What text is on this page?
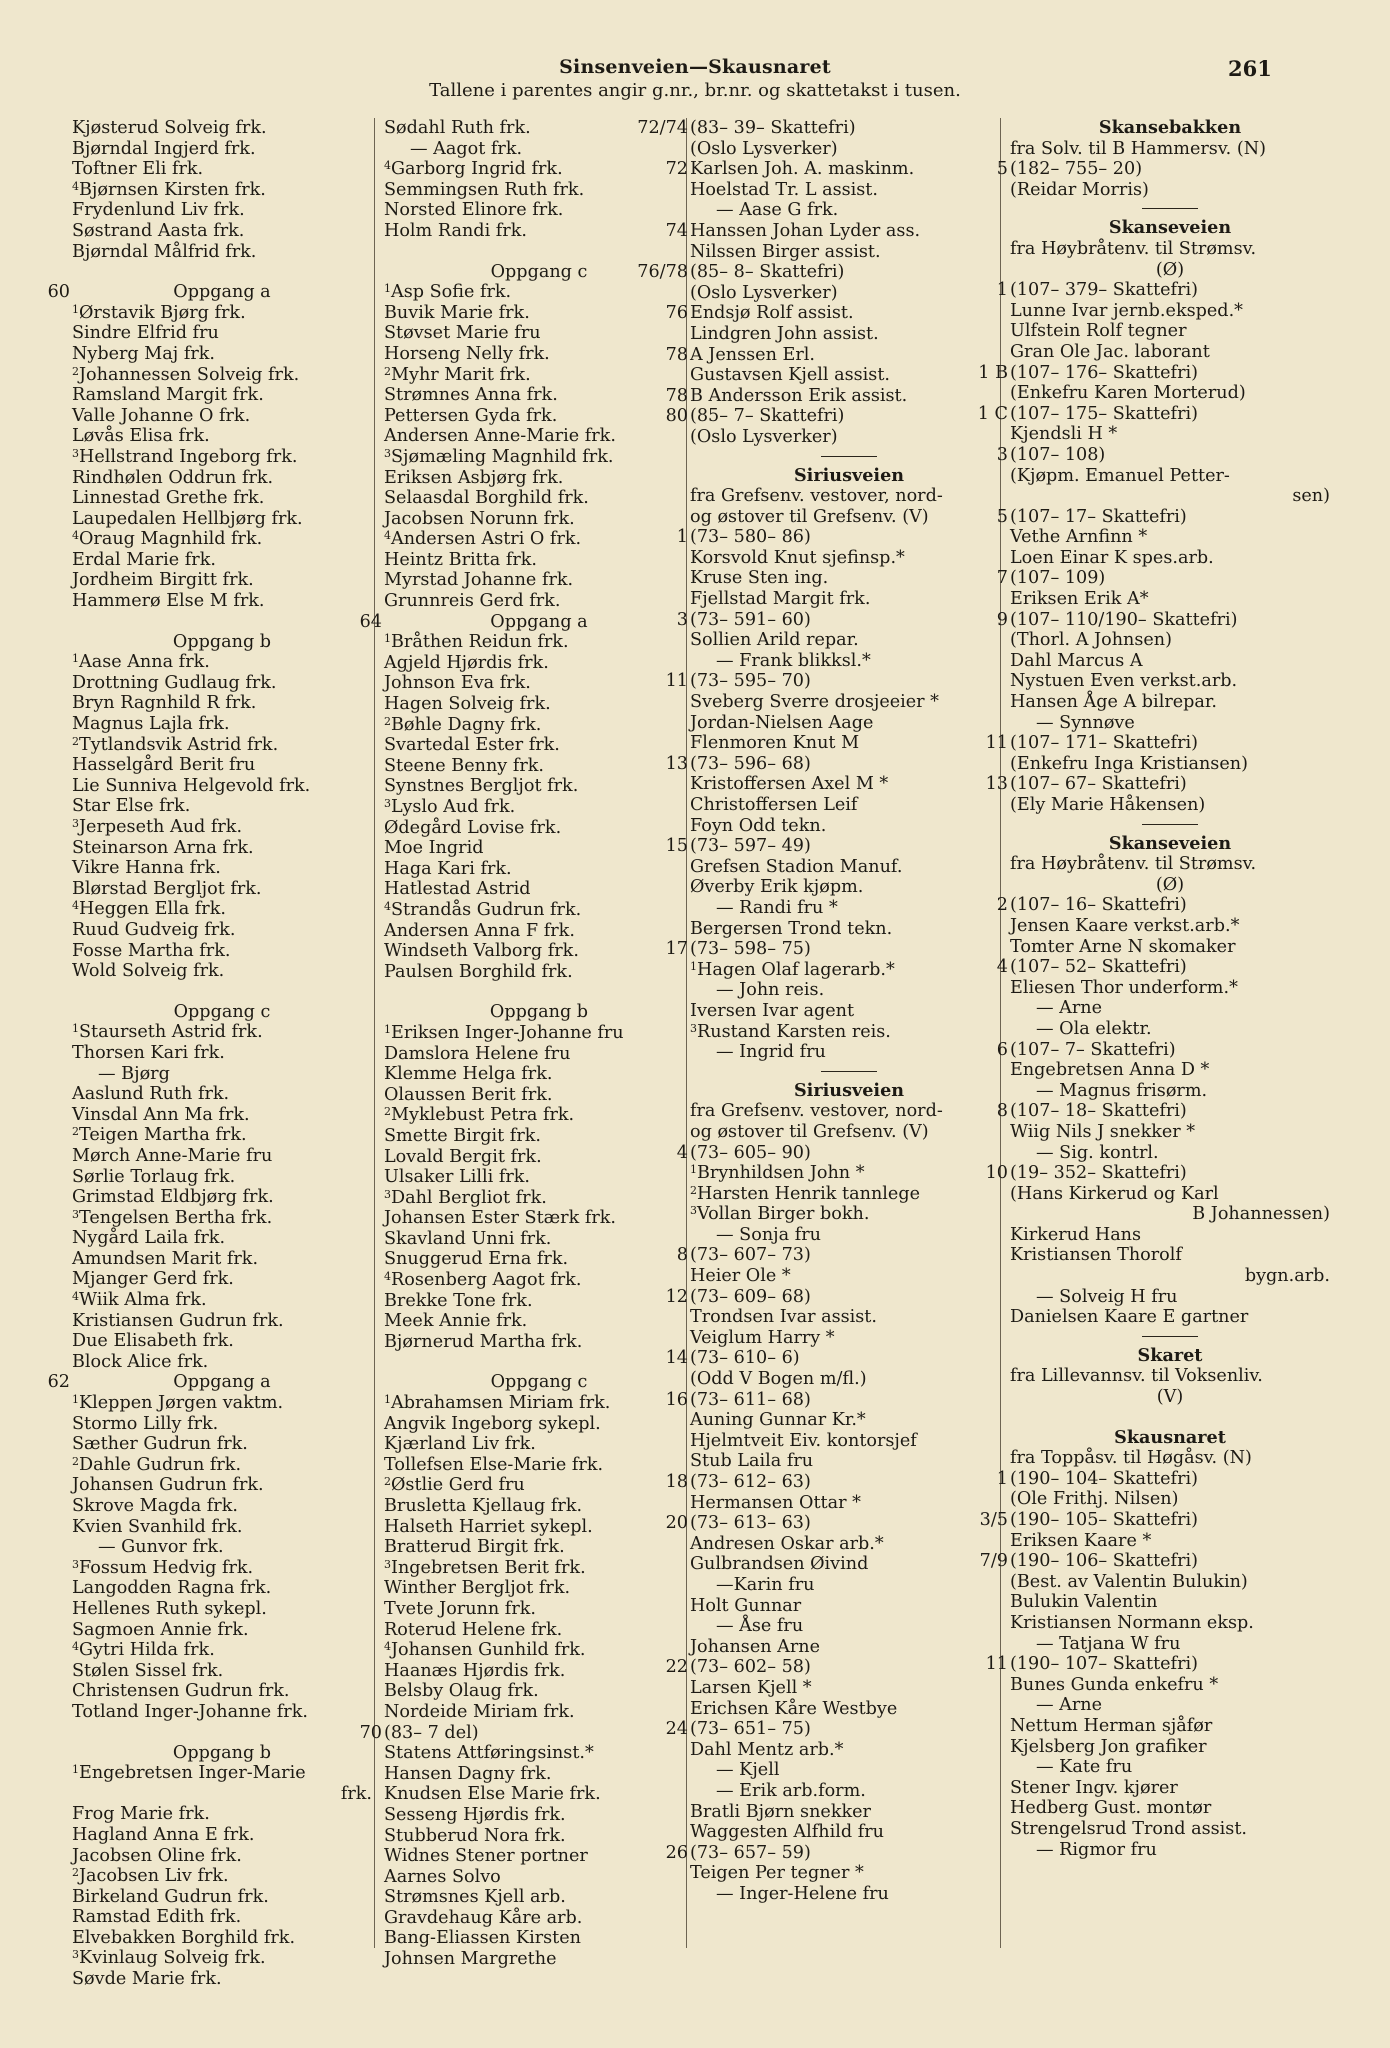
Sinsenveien—Skausnaret
Tallene i parentes angir g.nr., br.nr. og skattetakst i tusen.
261
Kjøsterud Solveig frk.
Bjørndal Ingjerd frk.
Toftner Eli frk.
$^4$Bjørnsen Kirsten frk.
Frydenlund Liv frk.
Søstrand Aasta frk.
Bjørndal Målfrid frk.
60	Oppgang a
$^1$Ørstavik Bjørg frk.
Sindre Elfrid fru
Nyberg Maj frk.
$^2$Johannessen Solveig frk.
Ramsland Margit frk.
Valle Johanne O frk.
Løvås Elisa frk.
$^3$Hellstrand Ingeborg frk.
Rindhølen Oddrun frk.
Linnestad Grethe frk.
Laupedalen Hellbjørg frk.
$^4$Oraug Magnhild frk.
Erdal Marie frk.
Jordheim Birgitt frk.
Hammerø Else M frk.
Oppgang b
$^1$Aase Anna frk.
Drottning Gudlaug frk.
Bryn Ragnhild R frk.
Magnus Lajla frk.
$^2$Tytlandsvik Astrid frk.
Hasselgård Berit fru
Lie Sunniva Helgevold frk.
Star Else frk.
$^3$Jerpeseth Aud frk.
Steinarson Arna frk.
Vikre Hanna frk.
Blørstad Bergljot frk.
$^4$Heggen Ella frk.
Ruud Gudveig frk.
Fosse Martha frk.
Wold Solveig frk.
Oppgang c
$^1$Staurseth Astrid frk.
Thorsen Kari frk.
— Bjørg
Aaslund Ruth frk.
Vinsdal Ann Ma frk.
$^2$Teigen Martha frk.
Mørch Anne-Marie fru
Sørlie Torlaug frk.
Grimstad Eldbjørg frk.
$^3$Tengelsen Bertha frk.
Nygård Laila frk.
Amundsen Marit frk.
Mjanger Gerd frk.
$^4$Wiik Alma frk.
Kristiansen Gudrun frk.
Due Elisabeth frk.
Block Alice frk.
62	Oppgang a
$^1$Kleppen Jørgen vaktm.
Stormo Lilly frk.
Sæther Gudrun frk.
$^2$Dahle Gudrun frk.
Johansen Gudrun frk.
Skrove Magda frk.
Kvien Svanhild frk.
— Gunvor frk.
$^3$Fossum Hedvig frk.
Langodden Ragna frk.
Hellenes Ruth sykepl.
Sagmoen Annie frk.
$^4$Gytri Hilda frk.
Stølen Sissel frk.
Christensen Gudrun frk.
Totland Inger-Johanne frk.
Oppgang b
$^1$Engebretsen Inger-Marie
frk.
Frog Marie frk.
Hagland Anna E frk.
Jacobsen Oline frk.
$^2$Jacobsen Liv frk.
Birkeland Gudrun frk.
Ramstad Edith frk.
Elvebakken Borghild frk.
$^3$Kvinlaug Solveig frk.
Søvde Marie frk.
Sødahl Ruth frk.
— Aagot frk.
$^4$Garborg Ingrid frk.
Semmingsen Ruth frk.
Norsted Elinore frk.
Holm Randi frk.
Oppgang c
$^1$Asp Sofie frk.
Buvik Marie frk.
Støvset Marie fru
Horseng Nelly frk.
$^2$Myhr Marit frk.
Strømnes Anna frk.
Pettersen Gyda frk.
Andersen Anne-Marie frk.
$^3$Sjømæling Magnhild frk.
Eriksen Asbjørg frk.
Selaasdal Borghild frk.
Jacobsen Norunn frk.
$^4$Andersen Astri O frk.
Heintz Britta frk.
Myrstad Johanne frk.
Grunnreis Gerd frk.
64	Oppgang a
$^1$Bråthen Reidun frk.
Agjeld Hjørdis frk.
Johnson Eva frk.
Hagen Solveig frk.
$^2$Bøhle Dagny frk.
Svartedal Ester frk.
Steene Benny frk.
Synstnes Bergljot frk.
$^3$Lyslo Aud frk.
Ødegård Lovise frk.
Moe Ingrid
Haga Kari frk.
Hatlestad Astrid
$^4$Strandås Gudrun frk.
Andersen Anna F frk.
Windseth Valborg frk.
Paulsen Borghild frk.
Oppgang b
$^1$Eriksen Inger-Johanne fru
Damslora Helene fru
Klemme Helga frk.
Olaussen Berit frk.
$^2$Myklebust Petra frk.
Smette Birgit frk.
Lovald Bergit frk.
Ulsaker Lilli frk.
$^3$Dahl Bergliot frk.
Johansen Ester Stærk frk.
Skavland Unni frk.
Snuggerud Erna frk.
$^4$Rosenberg Aagot frk.
Brekke Tone frk.
Meek Annie frk.
Bjørnerud Martha frk.
Oppgang c
$^1$Abrahamsen Miriam frk.
Angvik Ingeborg sykepl.
Kjærland Liv frk.
Tollefsen Else-Marie frk.
$^2$Østlie Gerd fru
Brusletta Kjellaug frk.
Halseth Harriet sykepl.
Bratterud Birgit frk.
$^3$Ingebretsen Berit frk.
Winther Bergljot frk.
Tvete Jorunn frk.
Roterud Helene frk.
$^4$Johansen Gunhild frk.
Haanæs Hjørdis frk.
Belsby Olaug frk.
Nordeide Miriam frk.
70 (83– 7 del)
Statens Attføringsinst.*
Hansen Dagny frk.
Knudsen Else Marie frk.
Sesseng Hjørdis frk.
Stubberud Nora frk.
Widnes Stener portner
Aarnes Solvo
Strømsnes Kjell arb.
Gravdehaug Kåre arb.
Bang-Eliassen Kirsten
Johnsen Margrethe
72/74 (83– 39– Skattefri)
(Oslo Lysverker)
72 Karlsen Joh. A. maskinm.
Hoelstad Tr. L assist.
— Aase G frk.
74 Hanssen Johan Lyder ass.
Nilssen Birger assist.
76/78 (85– 8– Skattefri)
(Oslo Lysverker)
76 Endsjø Rolf assist.
Lindgren John assist.
78 A Jenssen Erl.
Gustavsen Kjell assist.
78 B Andersson Erik assist.
80 (85– 7– Skattefri)
(Oslo Lysverker)
Siriusveien
fra Grefsenv. vestover, nord-
og østover til Grefsenv. (V)
1 (73– 580– 86)
Korsvold Knut sjefinsp.*
Kruse Sten ing.
Fjellstad Margit frk.
3 (73– 591– 60)
Sollien Arild repar.
— Frank blikksl.*
11 (73– 595– 70)
Sveberg Sverre drosjeeier *
Jordan-Nielsen Aage
Flenmoren Knut M
13 (73– 596– 68)
Kristoffersen Axel M *
Christoffersen Leif
Foyn Odd tekn.
15 (73– 597– 49)
Grefsen Stadion Manuf.
Øverby Erik kjøpm.
— Randi fru *
Bergersen Trond tekn.
17 (73– 598– 75)
$^1$Hagen Olaf lagerarb.*
— John reis.
Iversen Ivar agent
$^3$Rustand Karsten reis.
— Ingrid fru
Siriusveien
fra Grefsenv. vestover, nord-
og østover til Grefsenv. (V)
4 (73– 605– 90)
$^1$Brynhildsen John *
$^2$Harsten Henrik tannlege
$^3$Vollan Birger bokh.
— Sonja fru
8 (73– 607– 73)
Heier Ole *
12 (73– 609– 68)
Trondsen Ivar assist.
Veiglum Harry *
14 (73– 610– 6)
(Odd V Bogen m/fl.)
16 (73– 611– 68)
Auning Gunnar Kr.*
Hjelmtveit Eiv. kontorsjef
Stub Laila fru
18 (73– 612– 63)
Hermansen Ottar *
20 (73– 613– 63)
Andresen Oskar arb.*
Gulbrandsen Øivind
—Karin fru
Holt Gunnar
— Åse fru
Johansen Arne
22 (73– 602– 58)
Larsen Kjell *
Erichsen Kåre Westbye
24 (73– 651– 75)
Dahl Mentz arb.*
— Kjell
— Erik arb.form.
Bratli Bjørn snekker
Waggesten Alfhild fru
26 (73– 657– 59)
Teigen Per tegner *
— Inger-Helene fru
Skansebakken
fra Solv. til B Hammersv. (N)
5 (182– 755– 20)
(Reidar Morris)
Skanseveien
fra Høybråtenv. til Strømsv.
(Ø)
1 (107– 379– Skattefri)
Lunne Ivar jernb.eksped.*
Ulfstein Rolf tegner
Gran Ole Jac. laborant
1 B (107– 176– Skattefri)
(Enkefru Karen Morterud)
1 C (107– 175– Skattefri)
Kjendsli H *
3 (107– 108)
(Kjøpm. Emanuel Petter-
sen)
5 (107– 17– Skattefri)
Vethe Arnfinn *
Loen Einar K spes.arb.
7 (107– 109)
Eriksen Erik A*
9 (107– 110/190– Skattefri)
(Thorl. A Johnsen)
Dahl Marcus A
Nystuen Even verkst.arb.
Hansen Åge A bilrepar.
— Synnøve
11 (107– 171– Skattefri)
(Enkefru Inga Kristiansen)
13 (107– 67– Skattefri)
(Ely Marie Håkensen)
Skanseveien
fra Høybråtenv. til Strømsv.
(Ø)
2 (107– 16– Skattefri)
Jensen Kaare verkst.arb.*
Tomter Arne N skomaker
4 (107– 52– Skattefri)
Eliesen Thor underform.*
— Arne
— Ola elektr.
6 (107– 7– Skattefri)
Engebretsen Anna D *
— Magnus frisørm.
8 (107– 18– Skattefri)
Wiig Nils J snekker *
— Sig. kontrl.
10 (19– 352– Skattefri)
(Hans Kirkerud og Karl
B Johannessen)
Kirkerud Hans
Kristiansen Thorolf
bygn.arb.
— Solveig H fru
Danielsen Kaare E gartner
Skaret
fra Lillevannsv. til Voksenliv.
(V)
Skausnaret
fra Toppåsv. til Høgåsv. (N)
1 (190– 104– Skattefri)
(Ole Frithj. Nilsen)
3/5 (190– 105– Skattefri)
Eriksen Kaare *
7/9 (190– 106– Skattefri)
(Best. av Valentin Bulukin)
Bulukin Valentin
Kristiansen Normann eksp.
— Tatjana W fru
11 (190– 107– Skattefri)
Bunes Gunda enkefru *
— Arne
Nettum Herman sjåfør
Kjelsberg Jon grafiker
— Kate fru
Stener Ingv. kjører
Hedberg Gust. montør
Strengelsrud Trond assist.
— Rigmor fru
